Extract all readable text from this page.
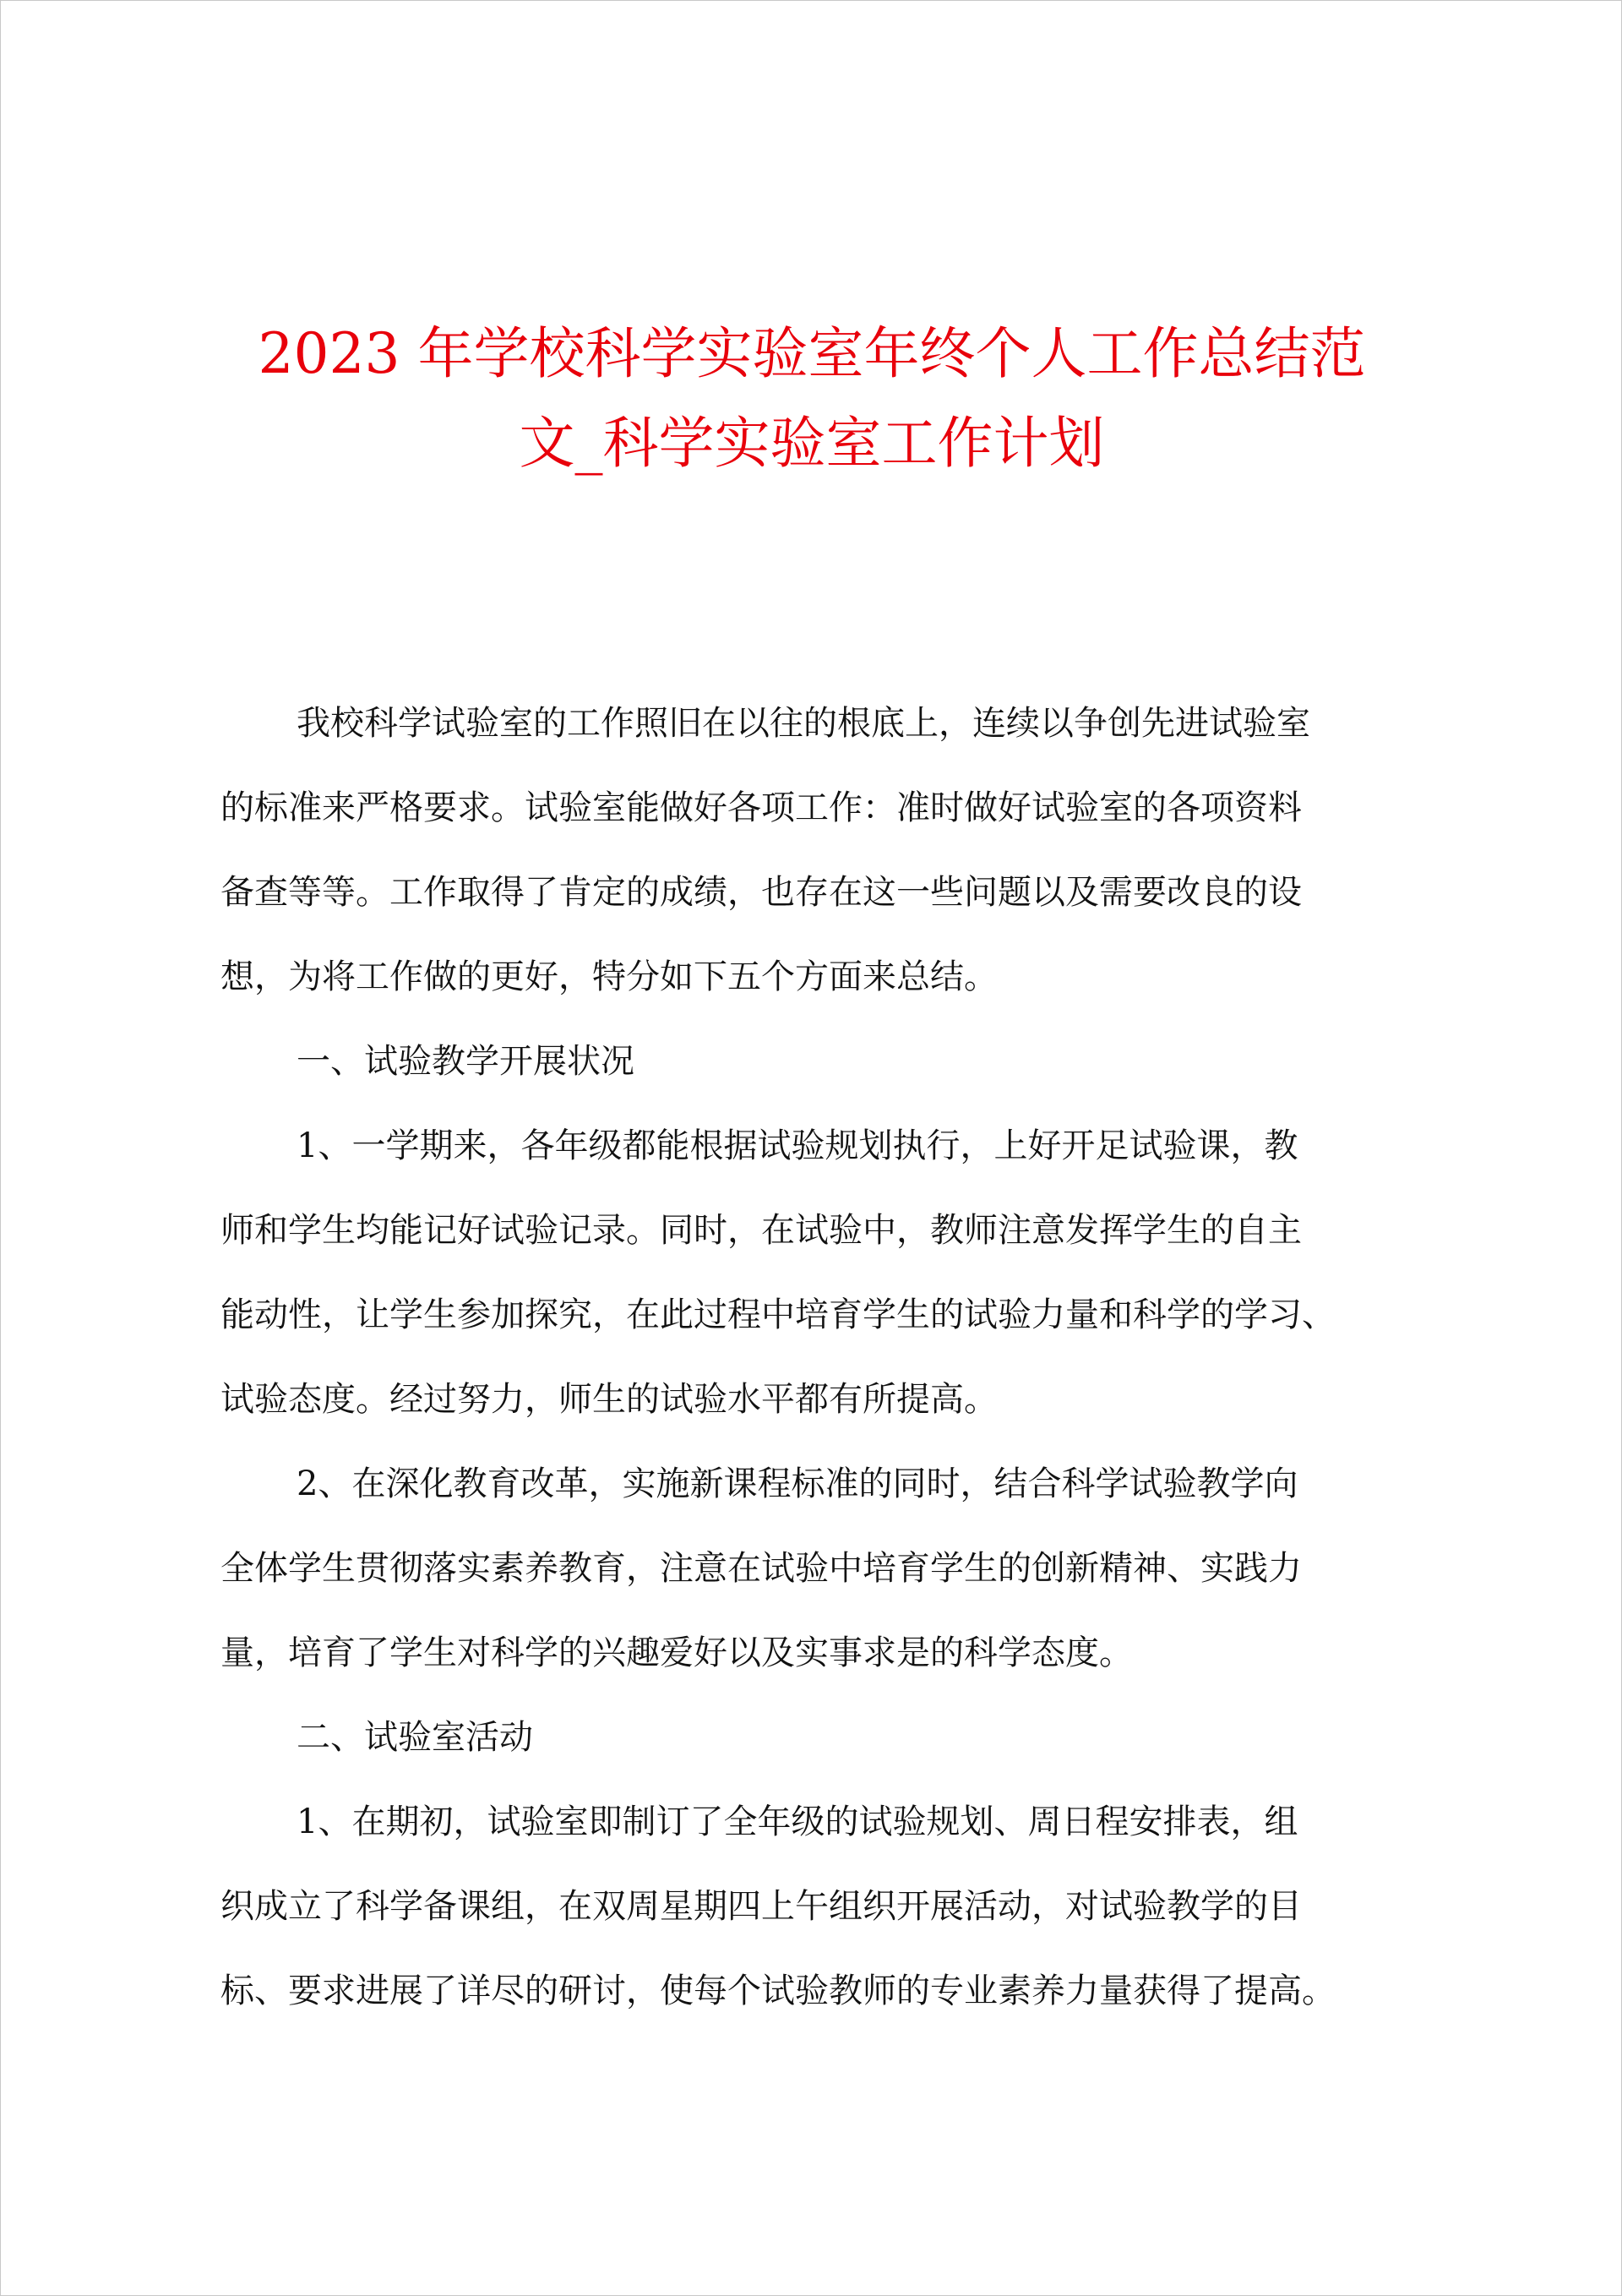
2023 年学校科学实验室年终个人工作总结范
文_科学实验室工作计划
我校科学试验室的工作照旧在以往的根底上，连续以争创先进试验室
的标准来严格要求。试验室能做好各项工作：准时做好试验室的各项资料
备查等等。工作取得了肯定的成绩，也存在这一些问题以及需要改良的设
想，为将工作做的更好，特分如下五个方面来总结。
一、试验教学开展状况
1、一学期来，各年级都能根据试验规划执行，上好开足试验课，教
师和学生均能记好试验记录。同时，在试验中，教师注意发挥学生的自主
能动性，让学生参加探究，在此过程中培育学生的试验力量和科学的学习、
试验态度。经过努力，师生的试验水平都有所提高。
2、在深化教育改革，实施新课程标准的同时，结合科学试验教学向
全体学生贯彻落实素养教育，注意在试验中培育学生的创新精神、实践力
量，培育了学生对科学的兴趣爱好以及实事求是的科学态度。
二、试验室活动
1、在期初，试验室即制订了全年级的试验规划、周日程安排表，组
织成立了科学备课组，在双周星期四上午组织开展活动，对试验教学的目
标、要求进展了详尽的研讨，使每个试验教师的专业素养力量获得了提高。
